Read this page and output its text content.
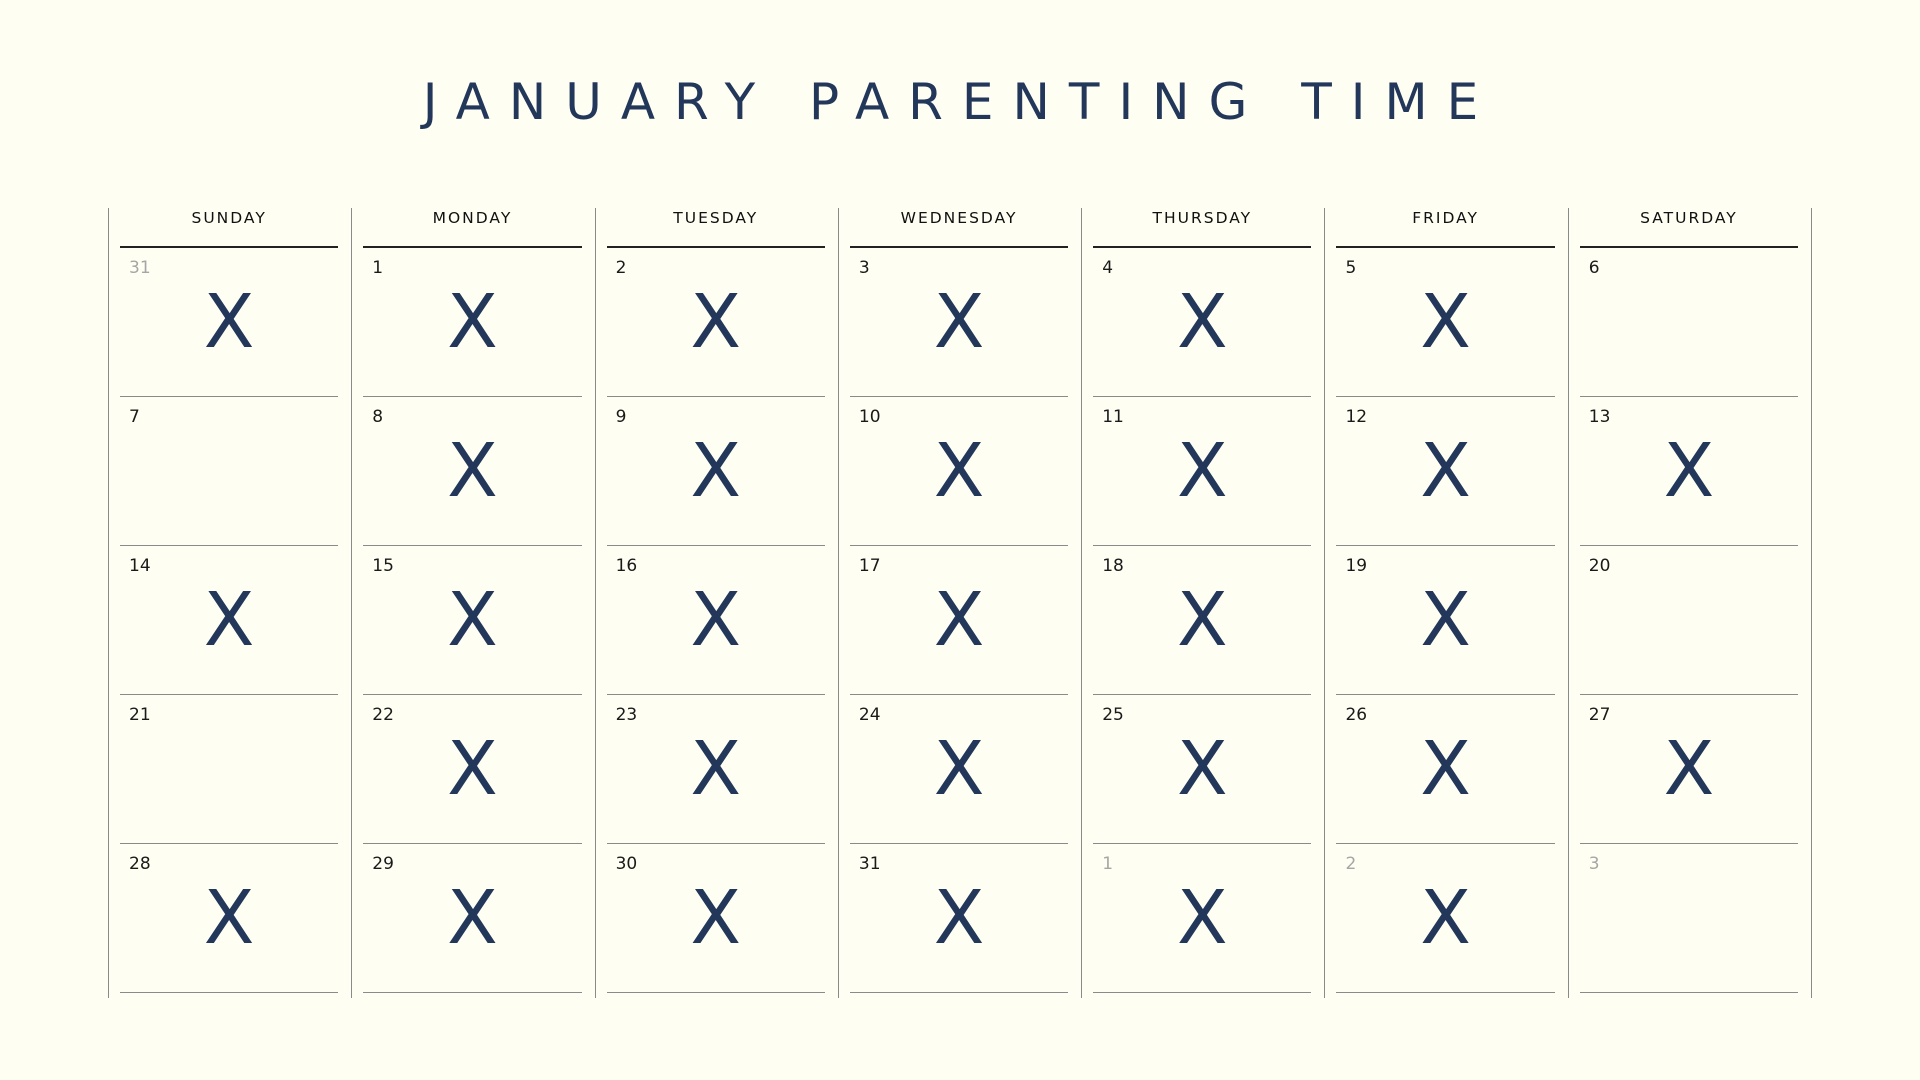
JANUARY PARENTING TIME
SUNDAY
31
X
7
14
X
21
28
X
MONDAY
1
X
8
X
15
X
22
X
29
X
TUESDAY
2
X
9
X
16
X
23
X
30
X
WEDNESDAY
3
X
10
X
17
X
24
X
31
X
THURSDAY
4
X
11
X
18
X
25
X
1
X
FRIDAY
5
X
12
X
19
X
26
X
2
X
SATURDAY
6
13
X
20
27
X
3
